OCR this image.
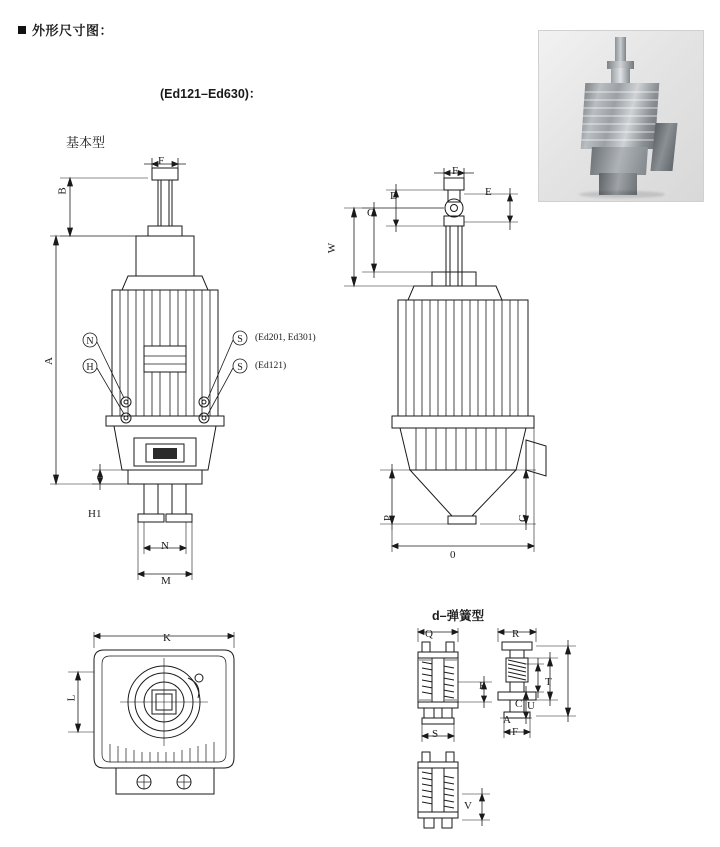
外形尺寸图：
(Ed121–Ed630)：
基本型
d–弹簧型
N
H
S
S
F
B
A
H1
N
M
(Ed201, Ed301)
(Ed121)
F
E
D
C
W
P	G
0
K
L
Q	R
T
E
U
C
A
S	F
V
